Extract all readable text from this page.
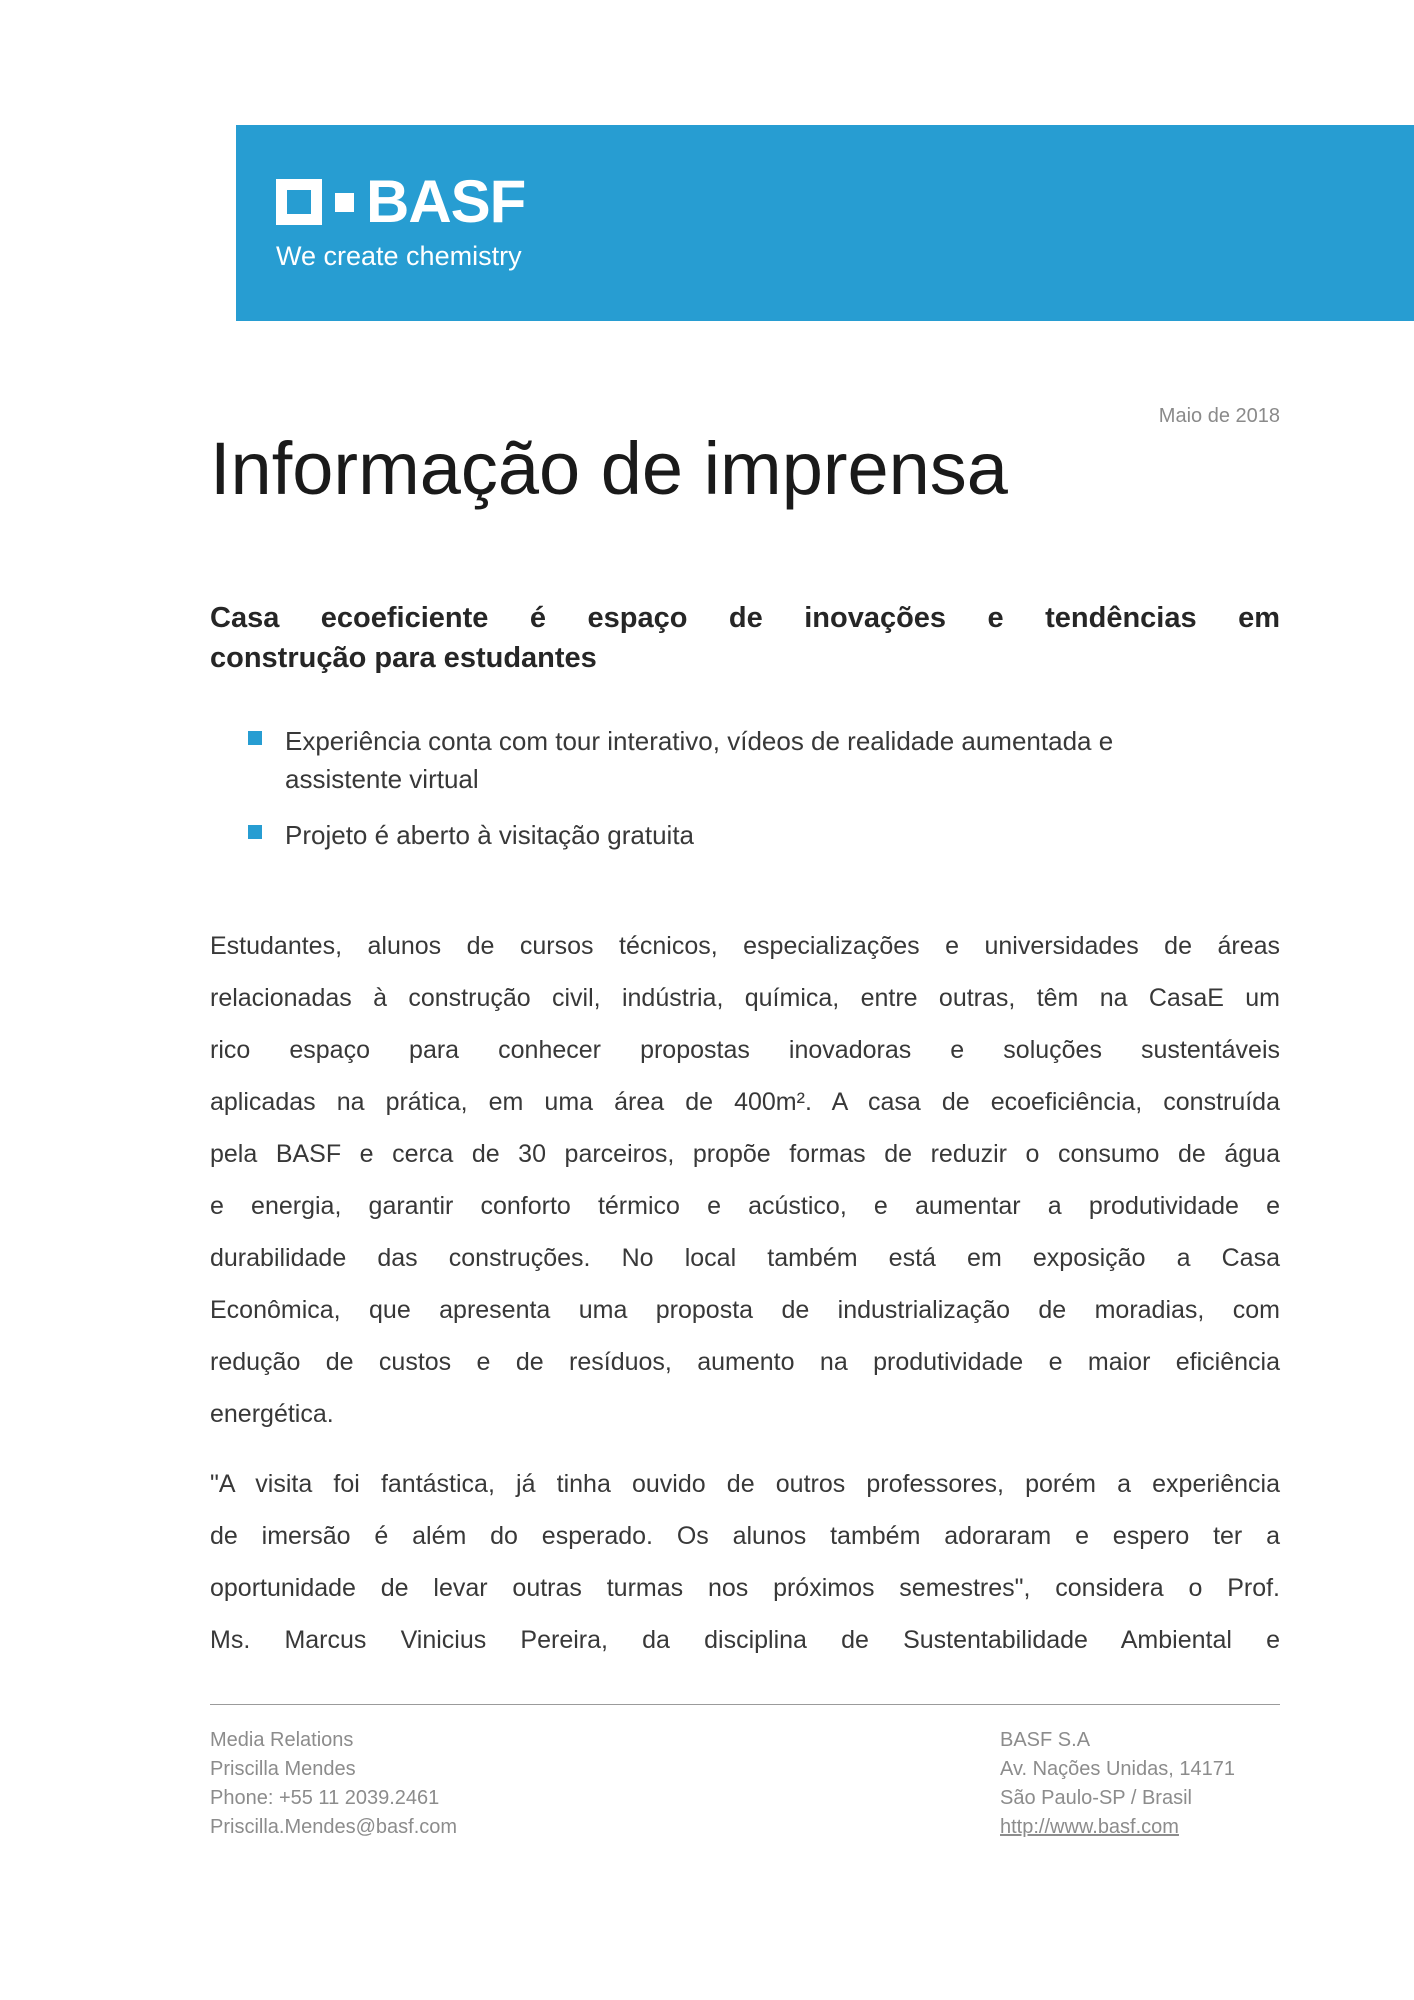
BASF
We create chemistry
Maio de 2018
Informação de imprensa
Casa ecoeficiente é espaço de inovações e tendências em
construção para estudantes
Experiência conta com tour interativo, vídeos de realidade aumentada e
assistente virtual
Projeto é aberto à visitação gratuita
Estudantes, alunos de cursos técnicos, especializações e universidades de áreas
relacionadas à construção civil, indústria, química, entre outras, têm na CasaE um
rico espaço para conhecer propostas inovadoras e soluções sustentáveis
aplicadas na prática, em uma área de 400m². A casa de ecoeficiência, construída
pela BASF e cerca de 30 parceiros, propõe formas de reduzir o consumo de água
e energia, garantir conforto térmico e acústico, e aumentar a produtividade e
durabilidade das construções. No local também está em exposição a Casa
Econômica, que apresenta uma proposta de industrialização de moradias, com
redução de custos e de resíduos, aumento na produtividade e maior eficiência
energética.
"A visita foi fantástica, já tinha ouvido de outros professores, porém a experiência
de imersão é além do esperado. Os alunos também adoraram e espero ter a
oportunidade de levar outras turmas nos próximos semestres", considera o Prof.
Ms. Marcus Vinicius Pereira, da disciplina de Sustentabilidade Ambiental e
Media Relations
Priscilla Mendes
Phone: +55 11 2039.2461
Priscilla.Mendes@basf.com
BASF S.A
Av. Nações Unidas, 14171
São Paulo-SP / Brasil
http://www.basf.com
